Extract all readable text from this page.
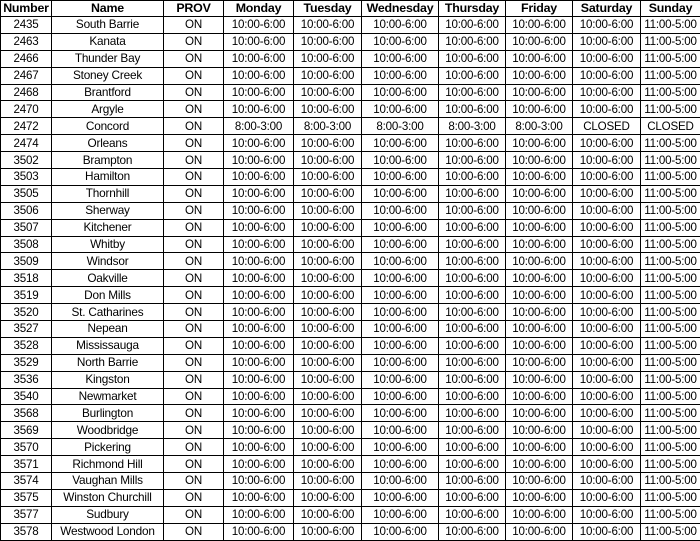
Number	Name	PROV	Monday	Tuesday	Wednesday	Thursday	Friday	Saturday	Sunday
2435	South Barrie	ON	10:00-6:00	10:00-6:00	10:00-6:00	10:00-6:00	10:00-6:00	10:00-6:00	11:00-5:00
2463	Kanata	ON	10:00-6:00	10:00-6:00	10:00-6:00	10:00-6:00	10:00-6:00	10:00-6:00	11:00-5:00
2466	Thunder Bay	ON	10:00-6:00	10:00-6:00	10:00-6:00	10:00-6:00	10:00-6:00	10:00-6:00	11:00-5:00
2467	Stoney Creek	ON	10:00-6:00	10:00-6:00	10:00-6:00	10:00-6:00	10:00-6:00	10:00-6:00	11:00-5:00
2468	Brantford	ON	10:00-6:00	10:00-6:00	10:00-6:00	10:00-6:00	10:00-6:00	10:00-6:00	11:00-5:00
2470	Argyle	ON	10:00-6:00	10:00-6:00	10:00-6:00	10:00-6:00	10:00-6:00	10:00-6:00	11:00-5:00
2472	Concord	ON	8:00-3:00	8:00-3:00	8:00-3:00	8:00-3:00	8:00-3:00	CLOSED	CLOSED
2474	Orleans	ON	10:00-6:00	10:00-6:00	10:00-6:00	10:00-6:00	10:00-6:00	10:00-6:00	11:00-5:00
3502	Brampton	ON	10:00-6:00	10:00-6:00	10:00-6:00	10:00-6:00	10:00-6:00	10:00-6:00	11:00-5:00
3503	Hamilton	ON	10:00-6:00	10:00-6:00	10:00-6:00	10:00-6:00	10:00-6:00	10:00-6:00	11:00-5:00
3505	Thornhill	ON	10:00-6:00	10:00-6:00	10:00-6:00	10:00-6:00	10:00-6:00	10:00-6:00	11:00-5:00
3506	Sherway	ON	10:00-6:00	10:00-6:00	10:00-6:00	10:00-6:00	10:00-6:00	10:00-6:00	11:00-5:00
3507	Kitchener	ON	10:00-6:00	10:00-6:00	10:00-6:00	10:00-6:00	10:00-6:00	10:00-6:00	11:00-5:00
3508	Whitby	ON	10:00-6:00	10:00-6:00	10:00-6:00	10:00-6:00	10:00-6:00	10:00-6:00	11:00-5:00
3509	Windsor	ON	10:00-6:00	10:00-6:00	10:00-6:00	10:00-6:00	10:00-6:00	10:00-6:00	11:00-5:00
3518	Oakville	ON	10:00-6:00	10:00-6:00	10:00-6:00	10:00-6:00	10:00-6:00	10:00-6:00	11:00-5:00
3519	Don Mills	ON	10:00-6:00	10:00-6:00	10:00-6:00	10:00-6:00	10:00-6:00	10:00-6:00	11:00-5:00
3520	St. Catharines	ON	10:00-6:00	10:00-6:00	10:00-6:00	10:00-6:00	10:00-6:00	10:00-6:00	11:00-5:00
3527	Nepean	ON	10:00-6:00	10:00-6:00	10:00-6:00	10:00-6:00	10:00-6:00	10:00-6:00	11:00-5:00
3528	Mississauga	ON	10:00-6:00	10:00-6:00	10:00-6:00	10:00-6:00	10:00-6:00	10:00-6:00	11:00-5:00
3529	North Barrie	ON	10:00-6:00	10:00-6:00	10:00-6:00	10:00-6:00	10:00-6:00	10:00-6:00	11:00-5:00
3536	Kingston	ON	10:00-6:00	10:00-6:00	10:00-6:00	10:00-6:00	10:00-6:00	10:00-6:00	11:00-5:00
3540	Newmarket	ON	10:00-6:00	10:00-6:00	10:00-6:00	10:00-6:00	10:00-6:00	10:00-6:00	11:00-5:00
3568	Burlington	ON	10:00-6:00	10:00-6:00	10:00-6:00	10:00-6:00	10:00-6:00	10:00-6:00	11:00-5:00
3569	Woodbridge	ON	10:00-6:00	10:00-6:00	10:00-6:00	10:00-6:00	10:00-6:00	10:00-6:00	11:00-5:00
3570	Pickering	ON	10:00-6:00	10:00-6:00	10:00-6:00	10:00-6:00	10:00-6:00	10:00-6:00	11:00-5:00
3571	Richmond Hill	ON	10:00-6:00	10:00-6:00	10:00-6:00	10:00-6:00	10:00-6:00	10:00-6:00	11:00-5:00
3574	Vaughan Mills	ON	10:00-6:00	10:00-6:00	10:00-6:00	10:00-6:00	10:00-6:00	10:00-6:00	11:00-5:00
3575	Winston Churchill	ON	10:00-6:00	10:00-6:00	10:00-6:00	10:00-6:00	10:00-6:00	10:00-6:00	11:00-5:00
3577	Sudbury	ON	10:00-6:00	10:00-6:00	10:00-6:00	10:00-6:00	10:00-6:00	10:00-6:00	11:00-5:00
3578	Westwood London	ON	10:00-6:00	10:00-6:00	10:00-6:00	10:00-6:00	10:00-6:00	10:00-6:00	11:00-5:00
